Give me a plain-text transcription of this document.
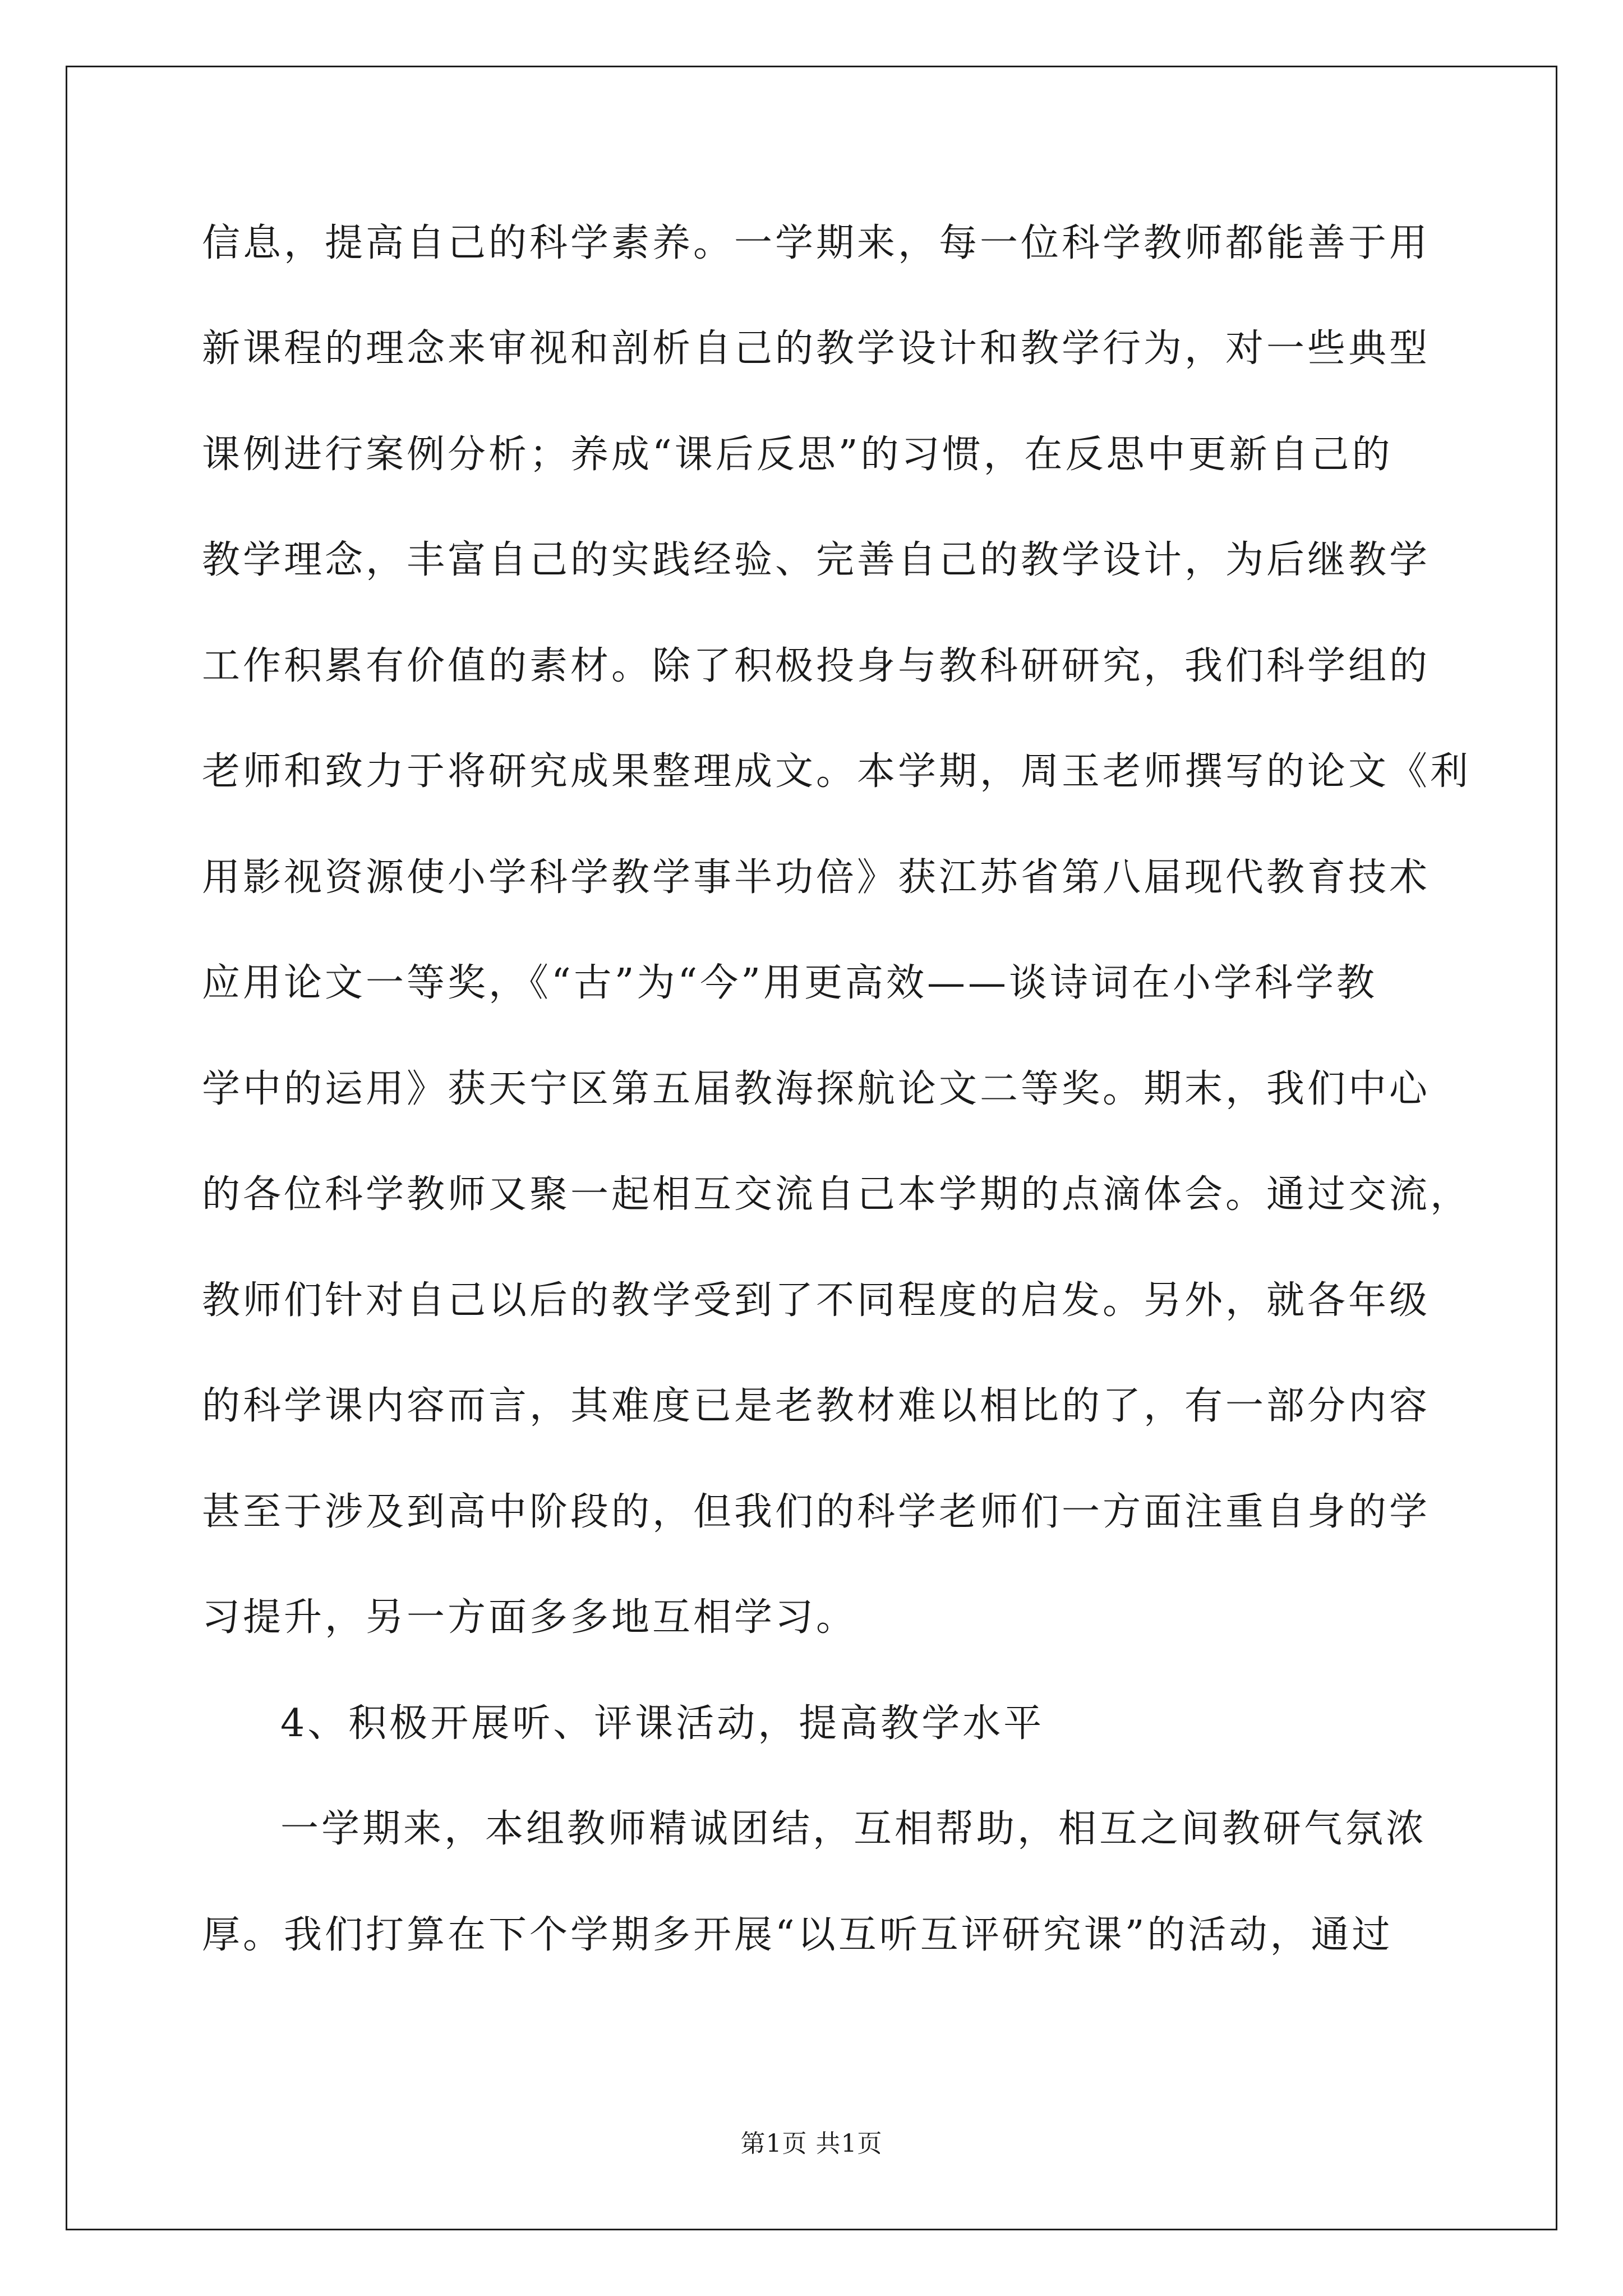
信息，提高自己的科学素养。一学期来，每一位科学教师都能善于用
新课程的理念来审视和剖析自己的教学设计和教学行为，对一些典型
课例进行案例分析；养成“课后反思”的习惯，在反思中更新自己的
教学理念，丰富自己的实践经验、完善自己的教学设计，为后继教学
工作积累有价值的素材。除了积极投身与教科研研究，我们科学组的
老师和致力于将研究成果整理成文。本学期，周玉老师撰写的论文《利
用影视资源使小学科学教学事半功倍》获江苏省第八届现代教育技术
应用论文一等奖，《“古”为“今”用更高效——谈诗词在小学科学教
学中的运用》获天宁区第五届教海探航论文二等奖。期末，我们中心
的各位科学教师又聚一起相互交流自己本学期的点滴体会。通过交流，
教师们针对自己以后的教学受到了不同程度的启发。另外，就各年级
的科学课内容而言，其难度已是老教材难以相比的了，有一部分内容
甚至于涉及到高中阶段的，但我们的科学老师们一方面注重自身的学
习提升，另一方面多多地互相学习。
4、积极开展听、评课活动，提高教学水平
一学期来，本组教师精诚团结，互相帮助，相互之间教研气氛浓
厚。我们打算在下个学期多开展“以互听互评研究课”的活动，通过
第1页 共1页
